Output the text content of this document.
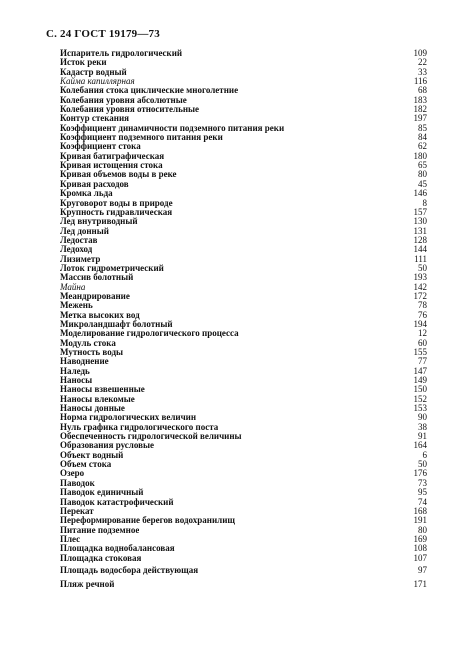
С. 24 ГОСТ 19179—73
Испаритель гидрологический	109
Исток реки	22
Кадастр водный	33
Кайма капиллярная	116
Колебания стока циклические многолетние	68
Колебания уровня абсолютные	183
Колебания уровня относительные	182
Контур стекания	197
Коэффициент динамичности подземного питания реки	85
Коэффициент подземного питания реки	84
Коэффициент стока	62
Кривая батиграфическая	180
Кривая истощения стока	65
Кривая объемов воды в реке	80
Кривая расходов	45
Кромка льда	146
Круговорот воды в природе	8
Крупность гидравлическая	157
Лед внутриводный	130
Лед донный	131
Ледостав	128
Ледоход	144
Лизиметр	111
Лоток гидрометрический	50
Массив болотный	193
Майна	142
Меандрирование	172
Межень	78
Метка высоких вод	76
Микроландшафт болотный	194
Моделирование гидрологического процесса	12
Модуль стока	60
Мутность воды	155
Наводнение	77
Наледь	147
Наносы	149
Наносы взвешенные	150
Наносы влекомые	152
Наносы донные	153
Норма гидрологических величин	90
Нуль графика гидрологического поста	38
Обеспеченность гидрологической величины	91
Образования русловые	164
Объект водный	6
Объем стока	50
Озеро	176
Паводок	73
Паводок единичный	95
Паводок катастрофический	74
Перекат	168
Переформирование берегов водохранилищ	191
Питание подземное	80
Плес	169
Площадка воднобалансовая	108
Площадка стоковая	107
Площадь водосбора действующая	97
Пляж речной	171
